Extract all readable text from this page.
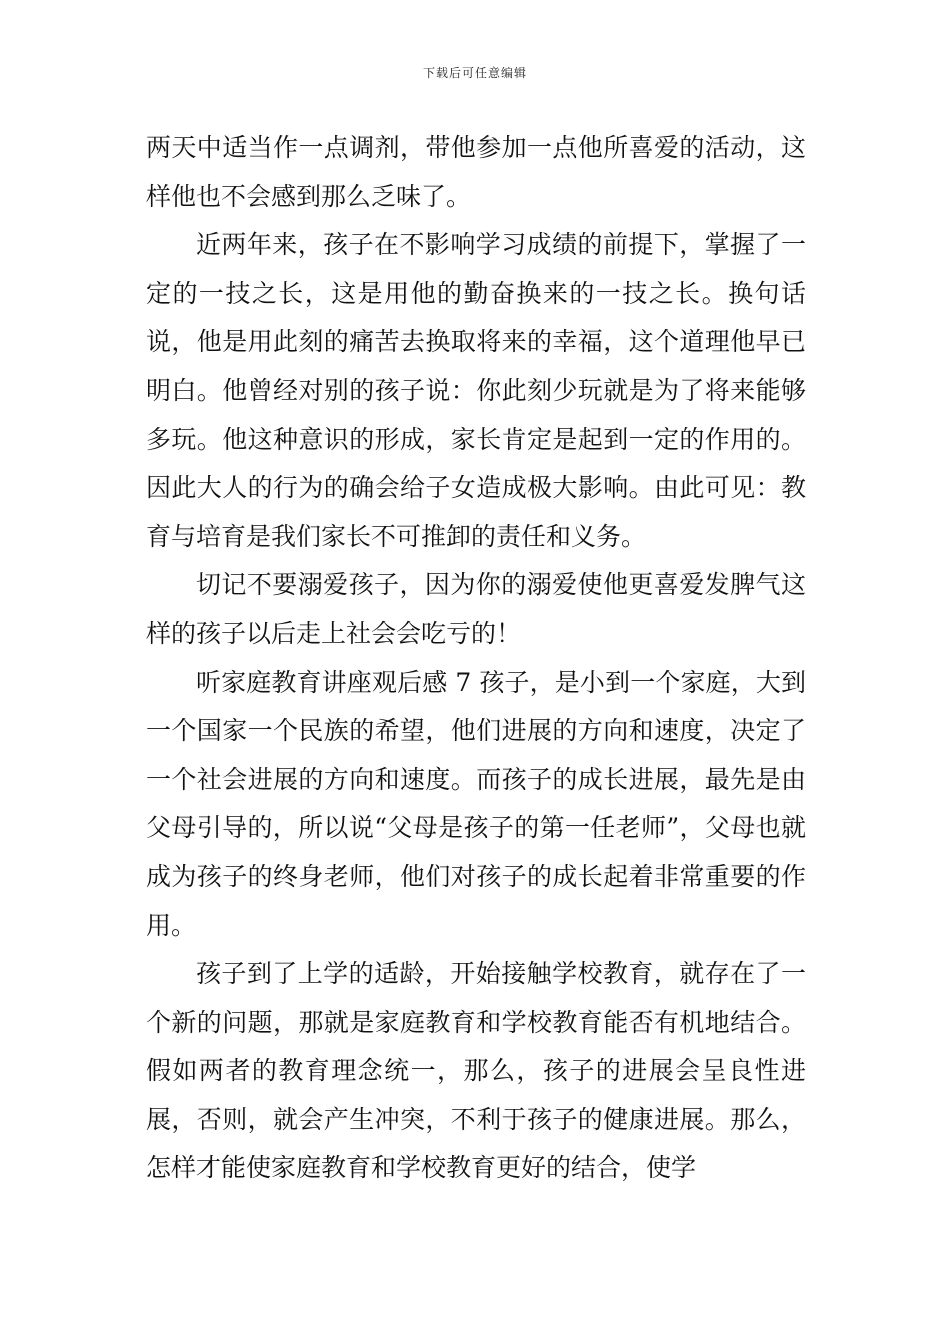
下载后可任意编辑

两天中适当作一点调剂，带他参加一点他所喜爱的活动，这样他也不会感到那么乏味了。

近两年来，孩子在不影响学习成绩的前提下，掌握了一定的一技之长，这是用他的勤奋换来的一技之长。换句话说，他是用此刻的痛苦去换取将来的幸福，这个道理他早已明白。他曾经对别的孩子说：你此刻少玩就是为了将来能够多玩。他这种意识的形成，家长肯定是起到一定的作用的。因此大人的行为的确会给子女造成极大影响。由此可见：教育与培育是我们家长不可推卸的责任和义务。

切记不要溺爱孩子，因为你的溺爱使他更喜爱发脾气这样的孩子以后走上社会会吃亏的！

听家庭教育讲座观后感 7 孩子，是小到一个家庭，大到一个国家一个民族的希望，他们进展的方向和速度，决定了一个社会进展的方向和速度。而孩子的成长进展，最先是由父母引导的，所以说“父母是孩子的第一任老师”，父母也就成为孩子的终身老师，他们对孩子的成长起着非常重要的作用。

孩子到了上学的适龄，开始接触学校教育，就存在了一个新的问题，那就是家庭教育和学校教育能否有机地结合。假如两者的教育理念统一，那么，孩子的进展会呈良性进展，否则，就会产生冲突，不利于孩子的健康进展。那么，怎样才能使家庭教育和学校教育更好的结合，使学
